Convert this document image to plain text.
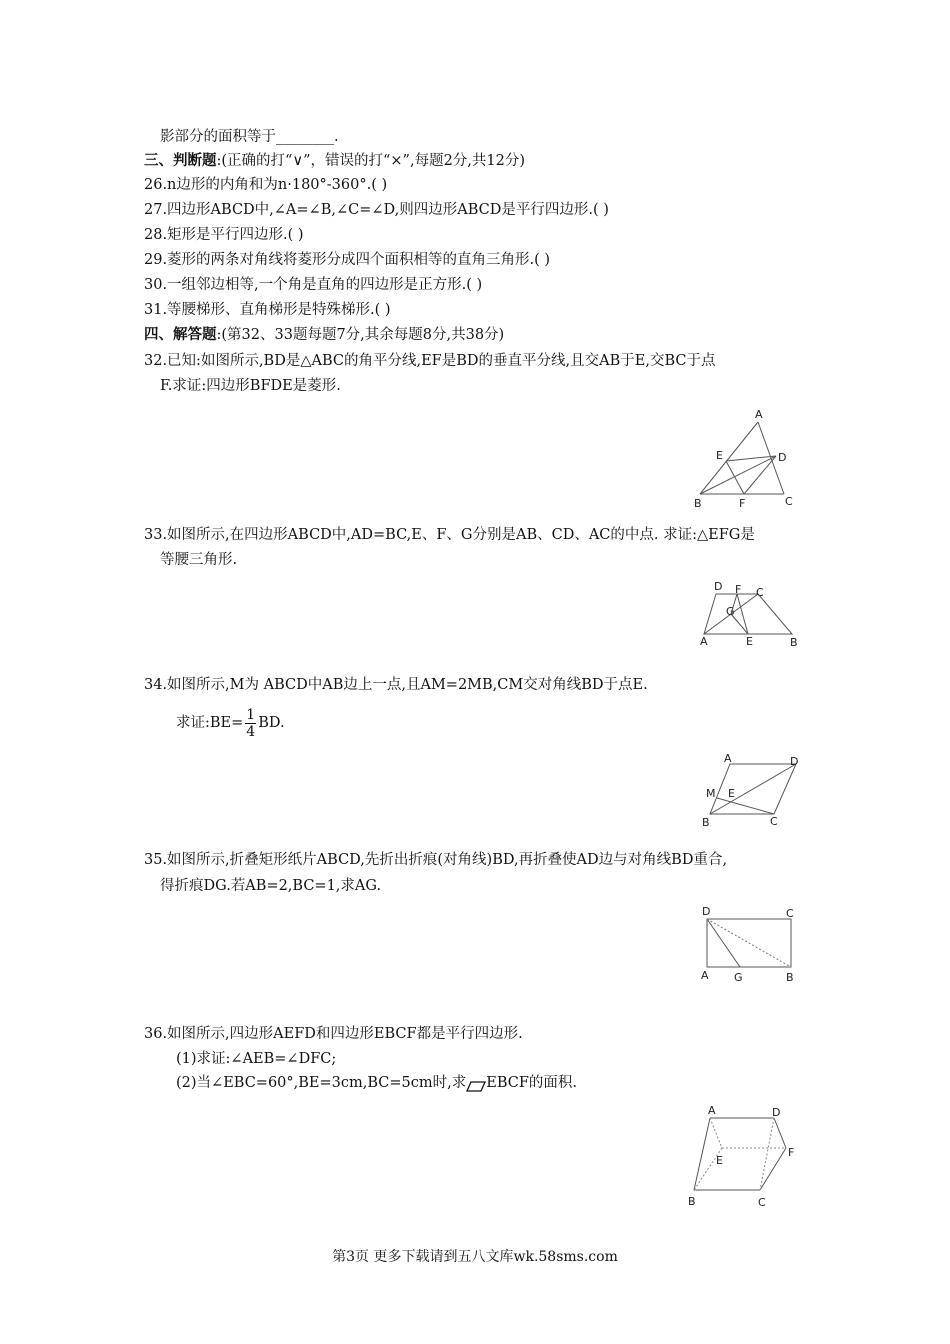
影部分的面积等于________.
三、判断题:(正确的打“∨”，错误的打“×”,每题2分,共12分)
26.n边形的内角和为n·180°-360°.( )
27.四边形ABCD中,∠A=∠B,∠C=∠D,则四边形ABCD是平行四边形.( )
28.矩形是平行四边形.( )
29.菱形的两条对角线将菱形分成四个面积相等的直角三角形.( )
30.一组邻边相等,一个角是直角的四边形是正方形.( )
31.等腰梯形、直角梯形是特殊梯形.( )
四、解答题:(第32、33题每题7分,其余每题8分,共38分)
32.已知:如图所示,BD是△ABC的角平分线,EF是BD的垂直平分线,且交AB于E,交BC于点
F.求证:四边形BFDE是菱形.
A
E	D
B	F	C
33.如图所示,在四边形ABCD中,AD=BC,E、F、G分别是AB、CD、AC的中点. 求证:△EFG是
等腰三角形.
D F C
G
A	E	B
34.如图所示,M为 ABCD中AB边上一点,且AM=2MB,CM交对角线BD于点E.
求证:BE= $\frac{1}{4}$ BD.
A	D
M E
B	C
35.如图所示,折叠矩形纸片ABCD,先折出折痕(对角线)BD,再折叠使AD边与对角线BD重合,
得折痕DG.若AB=2,BC=1,求AG.
D	C
A G	B
36.如图所示,四边形AEFD和四边形EBCF都是平行四边形.
(1)求证:∠AEB=∠DFC;
(2)当∠EBC=60°,BE=3cm,BC=5cm时,求 EBCF的面积.
A	D
F
E
B	C
第3页 更多下载请到五八文库wk.58sms.com
